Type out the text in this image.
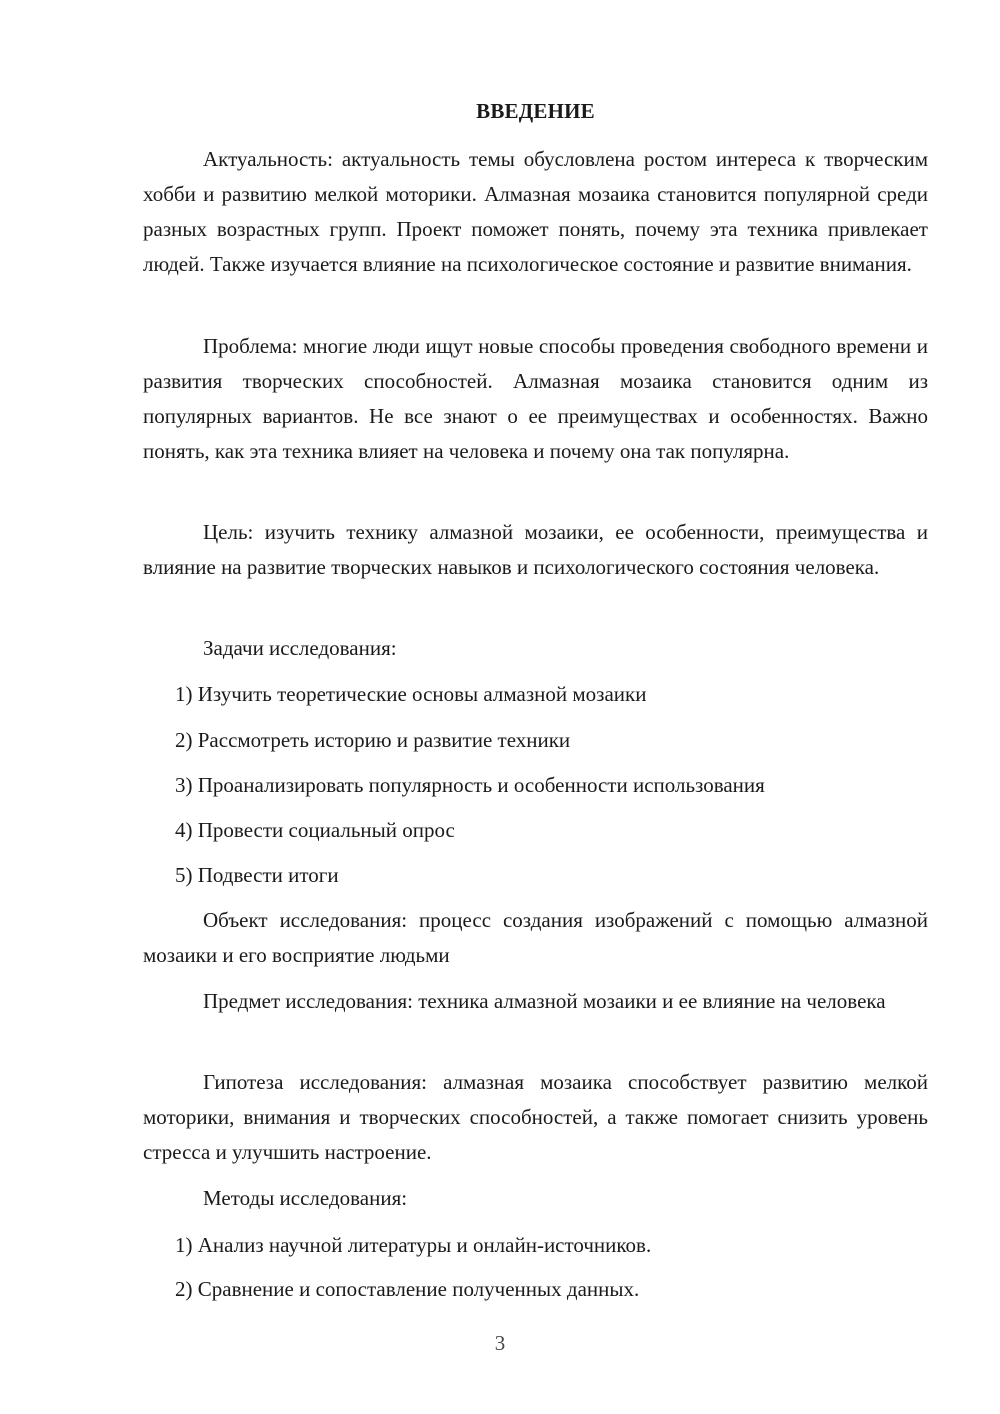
ВВЕДЕНИЕ

Актуальность: актуальность темы обусловлена ростом интереса к творческим хобби и развитию мелкой моторики. Алмазная мозаика становится популярной среди разных возрастных групп. Проект поможет понять, почему эта техника привлекает людей. Также изучается влияние на психологическое состояние и развитие внимания.

Проблема: многие люди ищут новые способы проведения свободного времени и развития творческих способностей. Алмазная мозаика становится одним из популярных вариантов. Не все знают о ее преимуществах и особенностях. Важно понять, как эта техника влияет на человека и почему она так популярна.

Цель: изучить технику алмазной мозаики, ее особенности, преимущества и влияние на развитие творческих навыков и психологического состояния человека.

Задачи исследования:

1) Изучить теоретические основы алмазной мозаики

2) Рассмотреть историю и развитие техники

3) Проанализировать популярность и особенности использования

4) Провести социальный опрос

5) Подвести итоги

Объект исследования: процесс создания изображений с помощью алмазной мозаики и его восприятие людьми

Предмет исследования: техника алмазной мозаики и ее влияние на человека

Гипотеза исследования: алмазная мозаика способствует развитию мелкой моторики, внимания и творческих способностей, а также помогает снизить уровень стресса и улучшить настроение.

Методы исследования:

1) Анализ научной литературы и онлайн-источников.

2) Сравнение и сопоставление полученных данных.

3
